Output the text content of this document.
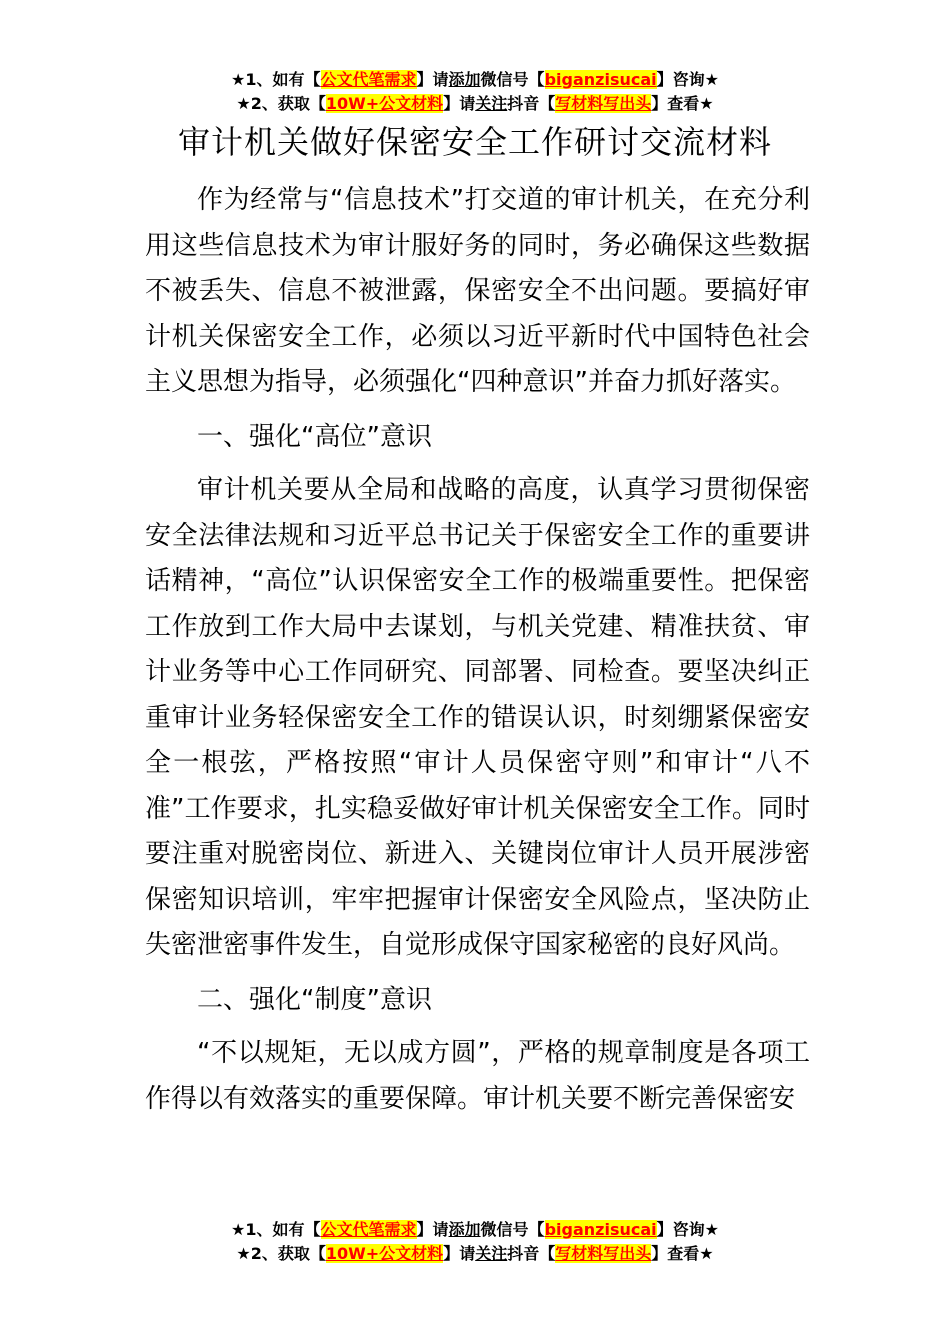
★1、如有【公文代笔需求】请添加微信号【biganzisucai】咨询★
★2、获取【10W+公文材料】请关注抖音【写材料写出头】查看★
审计机关做好保密安全工作研讨交流材料

作为经常与“信息技术”打交道的审计机关，在充分利用这些信息技术为审计服好务的同时，务必确保这些数据不被丢失、信息不被泄露，保密安全不出问题。要搞好审计机关保密安全工作，必须以习近平新时代中国特色社会主义思想为指导，必须强化“四种意识”并奋力抓好落实。

一、强化“高位”意识

审计机关要从全局和战略的高度，认真学习贯彻保密安全法律法规和习近平总书记关于保密安全工作的重要讲话精神，“高位”认识保密安全工作的极端重要性。把保密工作放到工作大局中去谋划，与机关党建、精准扶贫、审计业务等中心工作同研究、同部署、同检查。要坚决纠正重审计业务轻保密安全工作的错误认识，时刻绷紧保密安全一根弦，严格按照“审计人员保密守则”和审计“八不准”工作要求，扎实稳妥做好审计机关保密安全工作。同时要注重对脱密岗位、新进入、关键岗位审计人员开展涉密保密知识培训，牢牢把握审计保密安全风险点，坚决防止失密泄密事件发生，自觉形成保守国家秘密的良好风尚。

二、强化“制度”意识

“不以规矩，无以成方圆”，严格的规章制度是各项工作得以有效落实的重要保障。审计机关要不断完善保密安

★1、如有【公文代笔需求】请添加微信号【biganzisucai】咨询★
★2、获取【10W+公文材料】请关注抖音【写材料写出头】查看★
